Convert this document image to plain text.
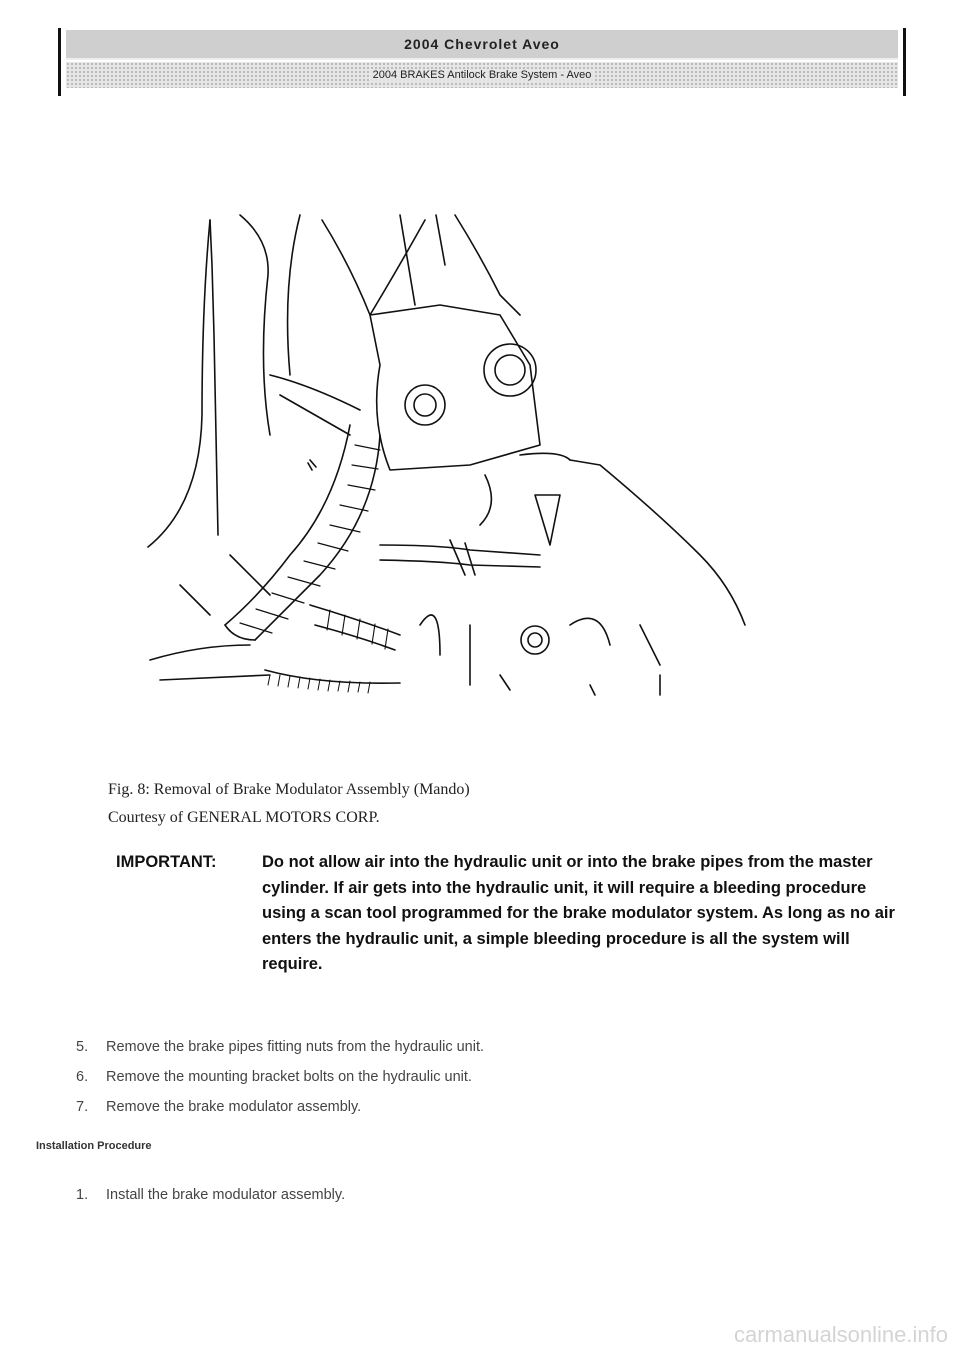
2004 Chevrolet Aveo
2004 BRAKES Antilock Brake System - Aveo
Fig. 8: Removal of Brake Modulator Assembly (Mando)
Courtesy of GENERAL MOTORS CORP.
IMPORTANT:	Do not allow air into the hydraulic unit or into the brake pipes from the master cylinder. If air gets into the hydraulic unit, it will require a bleeding procedure using a scan tool programmed for the brake modulator system. As long as no air enters the hydraulic unit, a simple bleeding procedure is all the system will require.
5.	Remove the brake pipes fitting nuts from the hydraulic unit.
6.	Remove the mounting bracket bolts on the hydraulic unit.
7.	Remove the brake modulator assembly.
Installation Procedure
1.	Install the brake modulator assembly.
carmanualsonline.info
